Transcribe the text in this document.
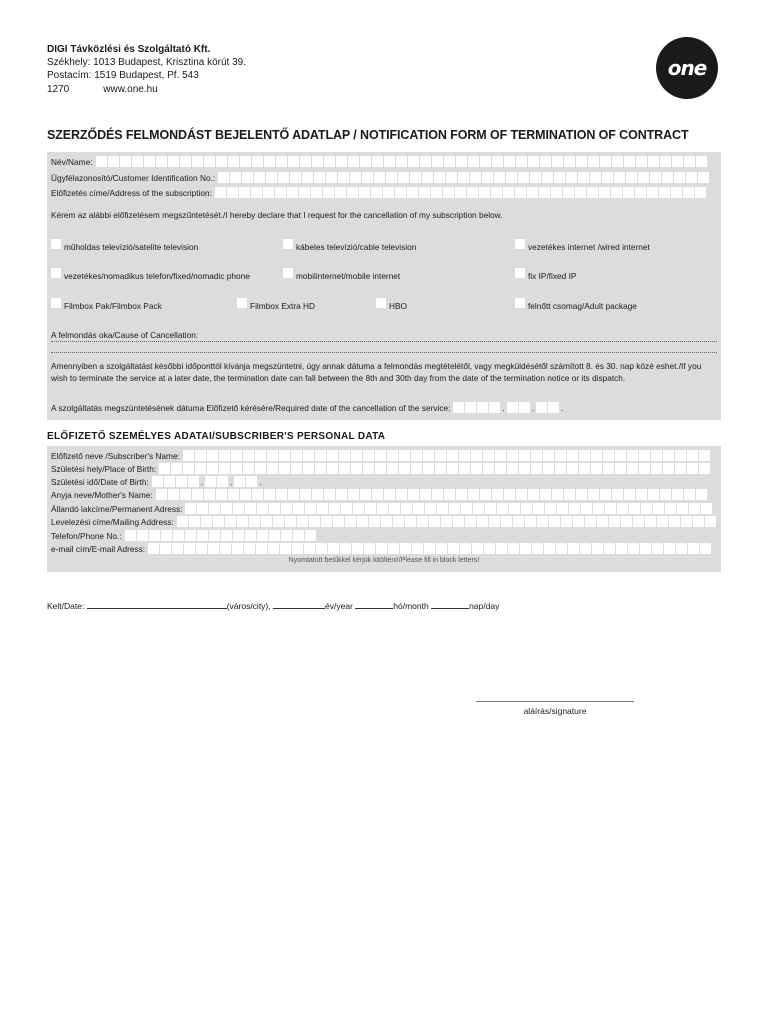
DIGI Távközlési és Szolgáltató Kft.
Székhely: 1013 Budapest, Krisztina körút 39.
Postacím: 1519 Budapest, Pf. 543
1270	www.one.hu
one
SZERZŐDÉS FELMONDÁST BEJELENTŐ ADATLAP / NOTIFICATION FORM OF TERMINATION OF CONTRACT
Név/Name:
Ügyfélazonosító/Customer Identification No.:
Előfizetés címe/Address of the subscription:
Kérem az alábbi előfizetésem megszűntetését./I hereby declare that I request for the cancellation of my subscription below.
műholdas televízió/satelite television	kábeles televízió/cable television	vezetékes internet /wired internet
vezetékes/nomadikus telefon/fixed/nomadic phone	mobilinternet/mobile internet	fix IP/fixed IP
Filmbox Pak/Filmbox Pack	Filmbox Extra HD	HBO	felnőtt csomag/Adult package
A felmondás oka/Cause of Cancellation:
Amennyiben a szolgáltatást későbbi időponttól kívánja megszüntetni, úgy annak dátuma a felmondás megtételétől, vagy megküldésétől számított 8. és 30. nap közé eshet./If you wish to terminate the service at a later date, the termination date can fall between the 8th and 30th day from the date of the termination notice or its dispatch.
A szolgáltatás megszüntetésének dátuma Előfizető kérésére/Required date of the cancellation of the service:	.	.	.
ELŐFIZETŐ SZEMÉLYES ADATAI/SUBSCRIBER'S PERSONAL DATA
Előfizető neve /Subscriber's Name:
Születési hely/Place of Birth:
Születési idő/Date of Birth:	.	.	.
Anyja neve/Mother's Name:
Állandó lakcíme/Permanent Adress:
Levelezési címe/Mailing Address:
Telefon/Phone No.:
e-mail cím/E-mail Adress:
Nyomtatott betűkkel kérjük kitölteni!/Please fill in block letters!
Kelt/Date:	(város/city),	év/year	hó/month	nap/day
aláírás/signature
